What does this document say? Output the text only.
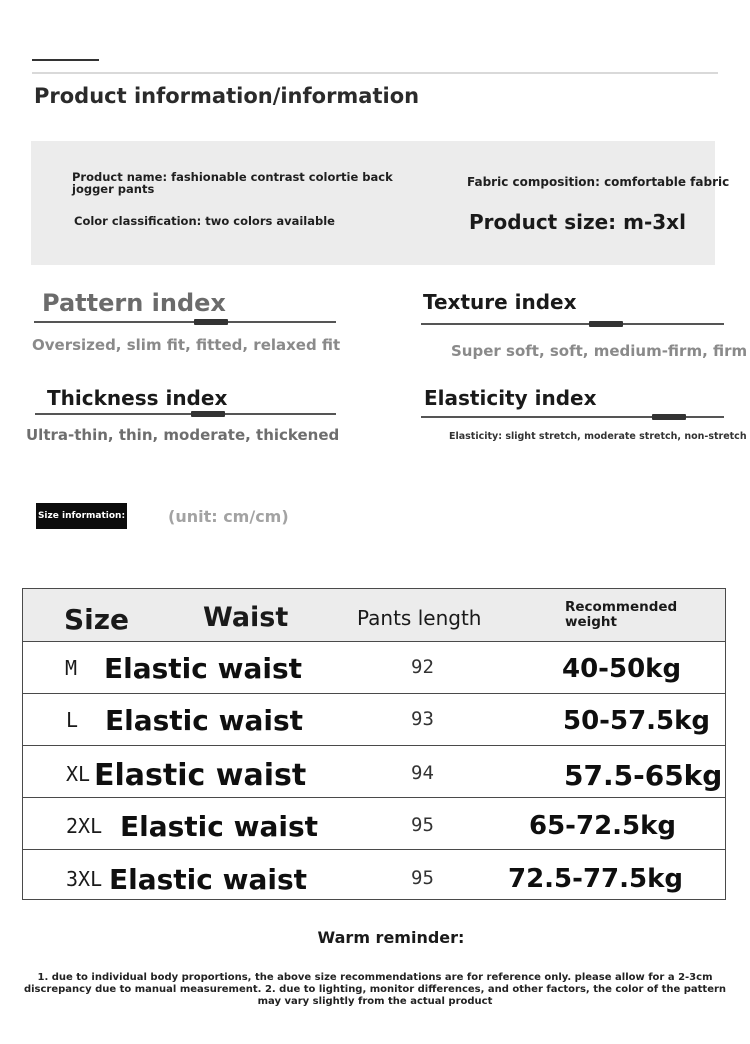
Product information/information
Product name: fashionable contrast colortie back jogger pants
Color classification: two colors available
Fabric composition: comfortable fabric
Product size: m-3xl
Pattern index
Oversized, slim fit, fitted, relaxed fit
Texture index
Super soft, soft, medium-firm, firm
Thickness index
Ultra-thin, thin, moderate, thickened
Elasticity index
Elasticity: slight stretch, moderate stretch, non-stretch
Size information:	(unit: cm/cm)
Size	Waist	Pants length	Recommended weight
M Elastic waist	92	40-50kg
L Elastic waist	93	50-57.5kg
XL Elastic waist	94	57.5-65kg
2XL Elastic waist	95	65-72.5kg
3XL Elastic waist	95	72.5-77.5kg
Warm reminder:
1. due to individual body proportions, the above size recommendations are for reference only. please allow for a 2-3cm discrepancy due to manual measurement. 2. due to lighting, monitor differences, and other factors, the color of the pattern may vary slightly from the actual product
